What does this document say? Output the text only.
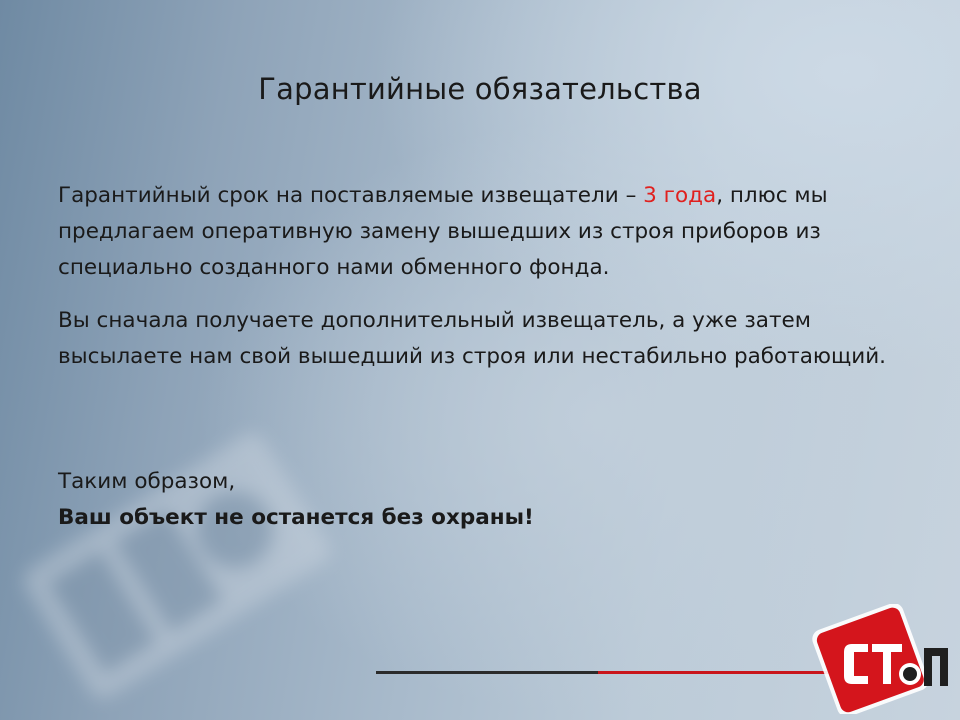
Гарантийные обязательства
Гарантийный срок на поставляемые извещатели – 3 года, плюс мы предлагаем оперативную замену вышедших из строя приборов из специально созданного нами обменного фонда.
Вы сначала получаете дополнительный извещатель, а уже затем высылаете нам свой вышедший из строя или нестабильно работающий.
Таким образом,
Ваш объект не останется без охраны!
